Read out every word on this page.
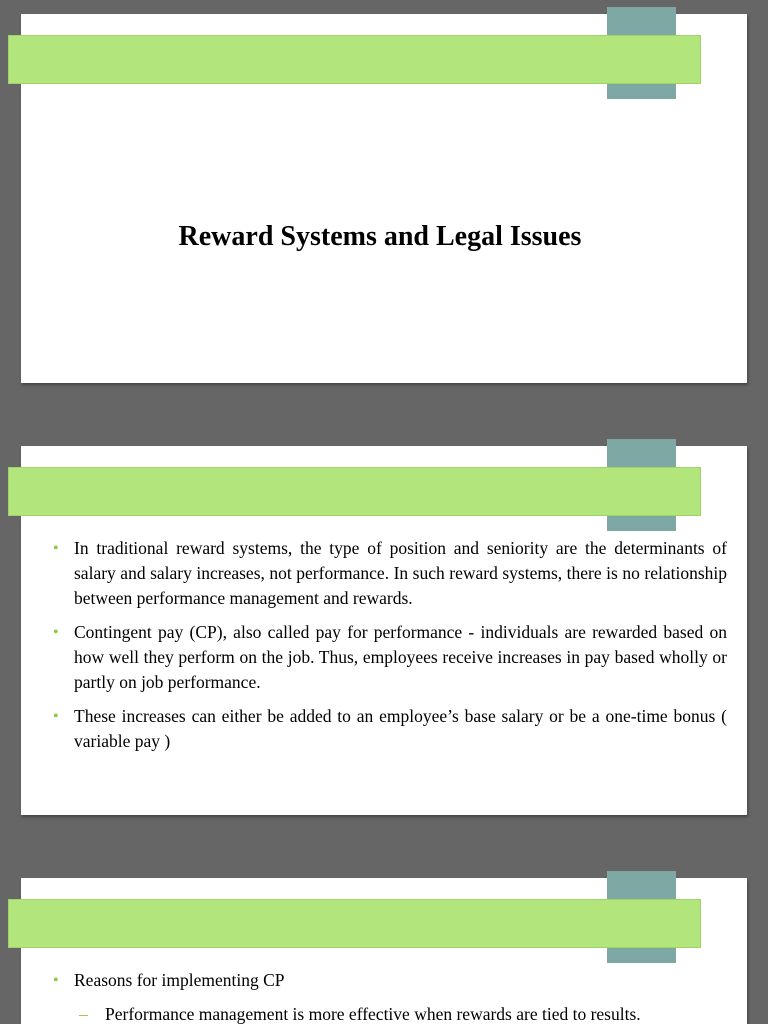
Reward Systems and Legal Issues
• In traditional reward systems, the type of position and seniority are the determinants of salary and salary increases, not performance. In such reward systems, there is no relationship between performance management and rewards.
• Contingent pay (CP), also called pay for performance - individuals are rewarded based on how well they perform on the job. Thus, employees receive increases in pay based wholly or partly on job performance.
• These increases can either be added to an employee’s base salary or be a one-time bonus ( variable pay )
• Reasons for implementing CP
– Performance management is more effective when rewards are tied to results.
